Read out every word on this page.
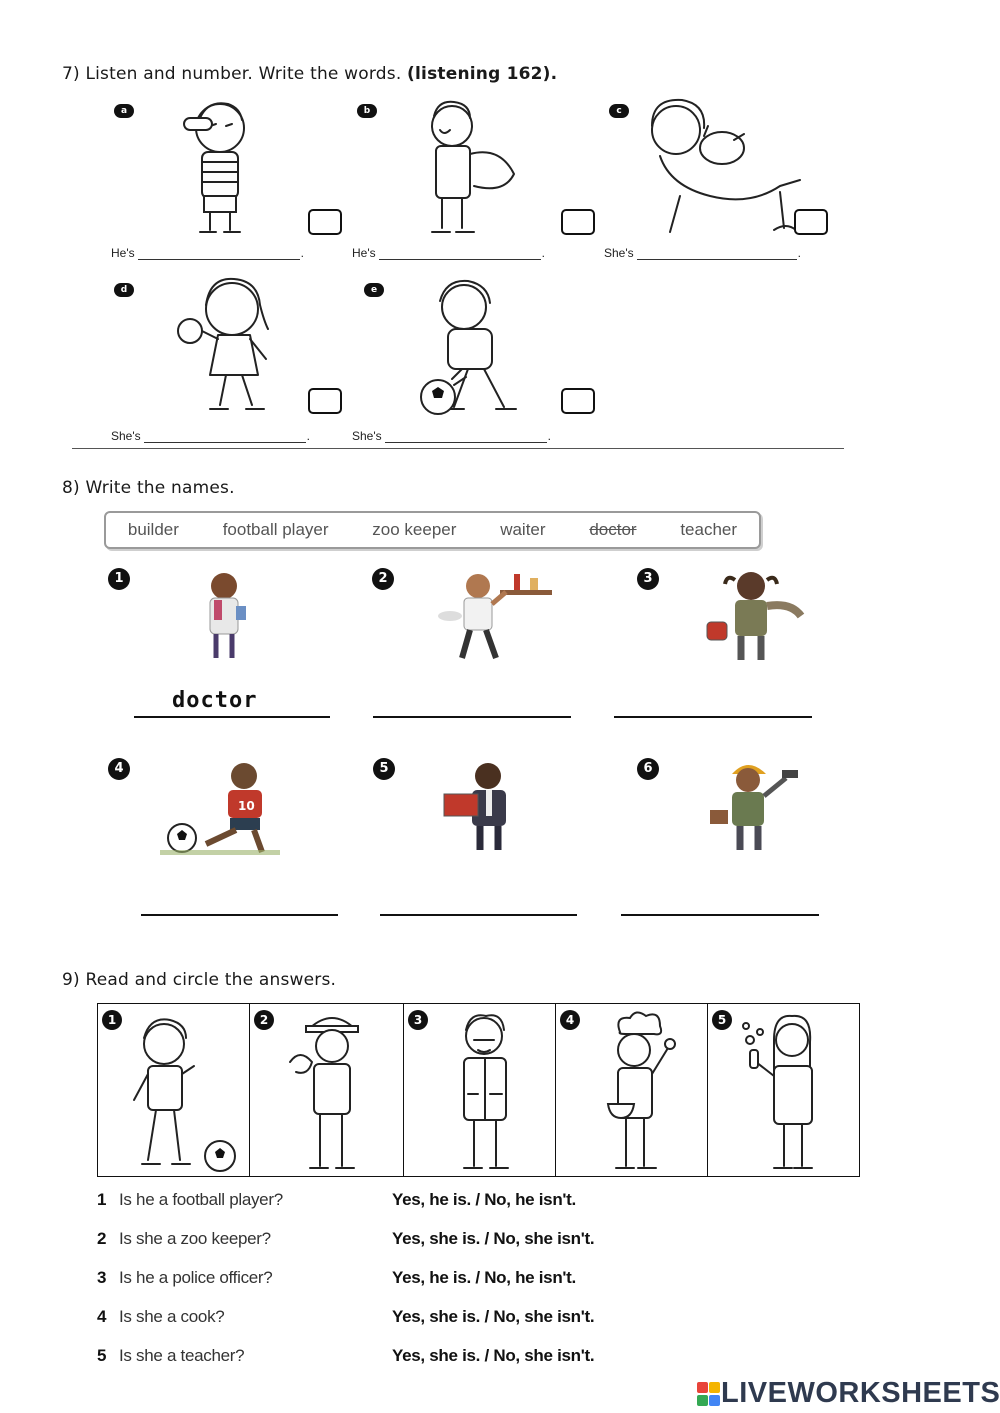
7) Listen and number. Write the words. (listening 162).
a
He's	.
b
He's	.
c
She's	.
d
She's	.
e
She's	.
8) Write the names.
builder	football player	zoo keeper	waiter	doctor	teacher
1
doctor
2	3
4
10
5	6
9) Read and circle the answers.
1	2	3	4	5
1 Is he a football player?	Yes, he is. / No, he isn't.
2 Is she a zoo keeper?	Yes, she is. / No, she isn't.
3 Is he a police officer?	Yes, he is. / No, he isn't.
4 Is she a cook?	Yes, she is. / No, she isn't.
5 Is she a teacher?	Yes, she is. / No, she isn't.
LIVEWORKSHEETS
